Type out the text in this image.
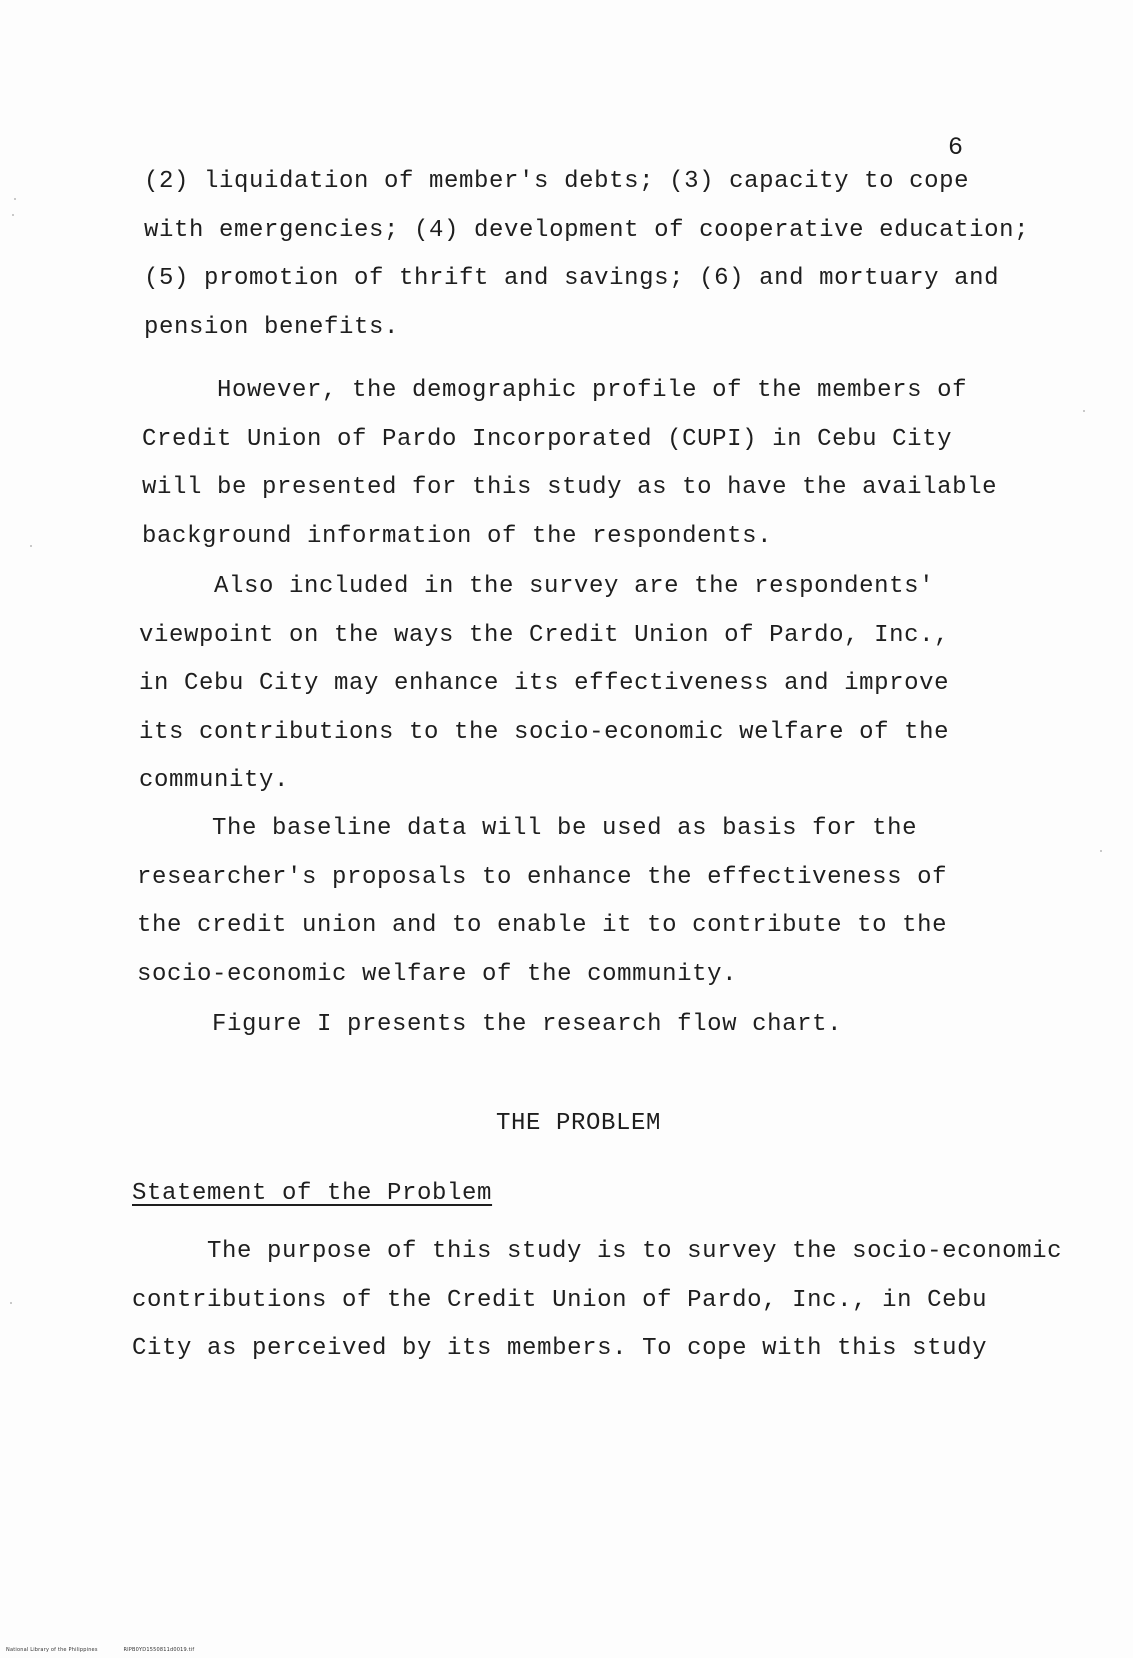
6
(2) liquidation of member's debts; (3) capacity to cope
with emergencies; (4) development of cooperative education;
(5) promotion of thrift and savings; (6) and mortuary and
pension benefits.
However, the demographic profile of the members of
Credit Union of Pardo Incorporated (CUPI) in Cebu City
will be presented for this study as to have the available
background information of the respondents.
Also included in the survey are the respondents'
viewpoint on the ways the Credit Union of Pardo, Inc.,
in Cebu City may enhance its effectiveness and improve
its contributions to the socio-economic welfare of the
community.
The baseline data will be used as basis for the
researcher's proposals to enhance the effectiveness of
the credit union and to enable it to contribute to the
socio-economic welfare of the community.
Figure I presents the research flow chart.
THE PROBLEM
Statement of the Problem
The purpose of this study is to survey the socio-economic
contributions of the Credit Union of Pardo, Inc., in Cebu
City as perceived by its members. To cope with this study
National Library of the Philippines	RIPB0YD1550811d0019.tif
